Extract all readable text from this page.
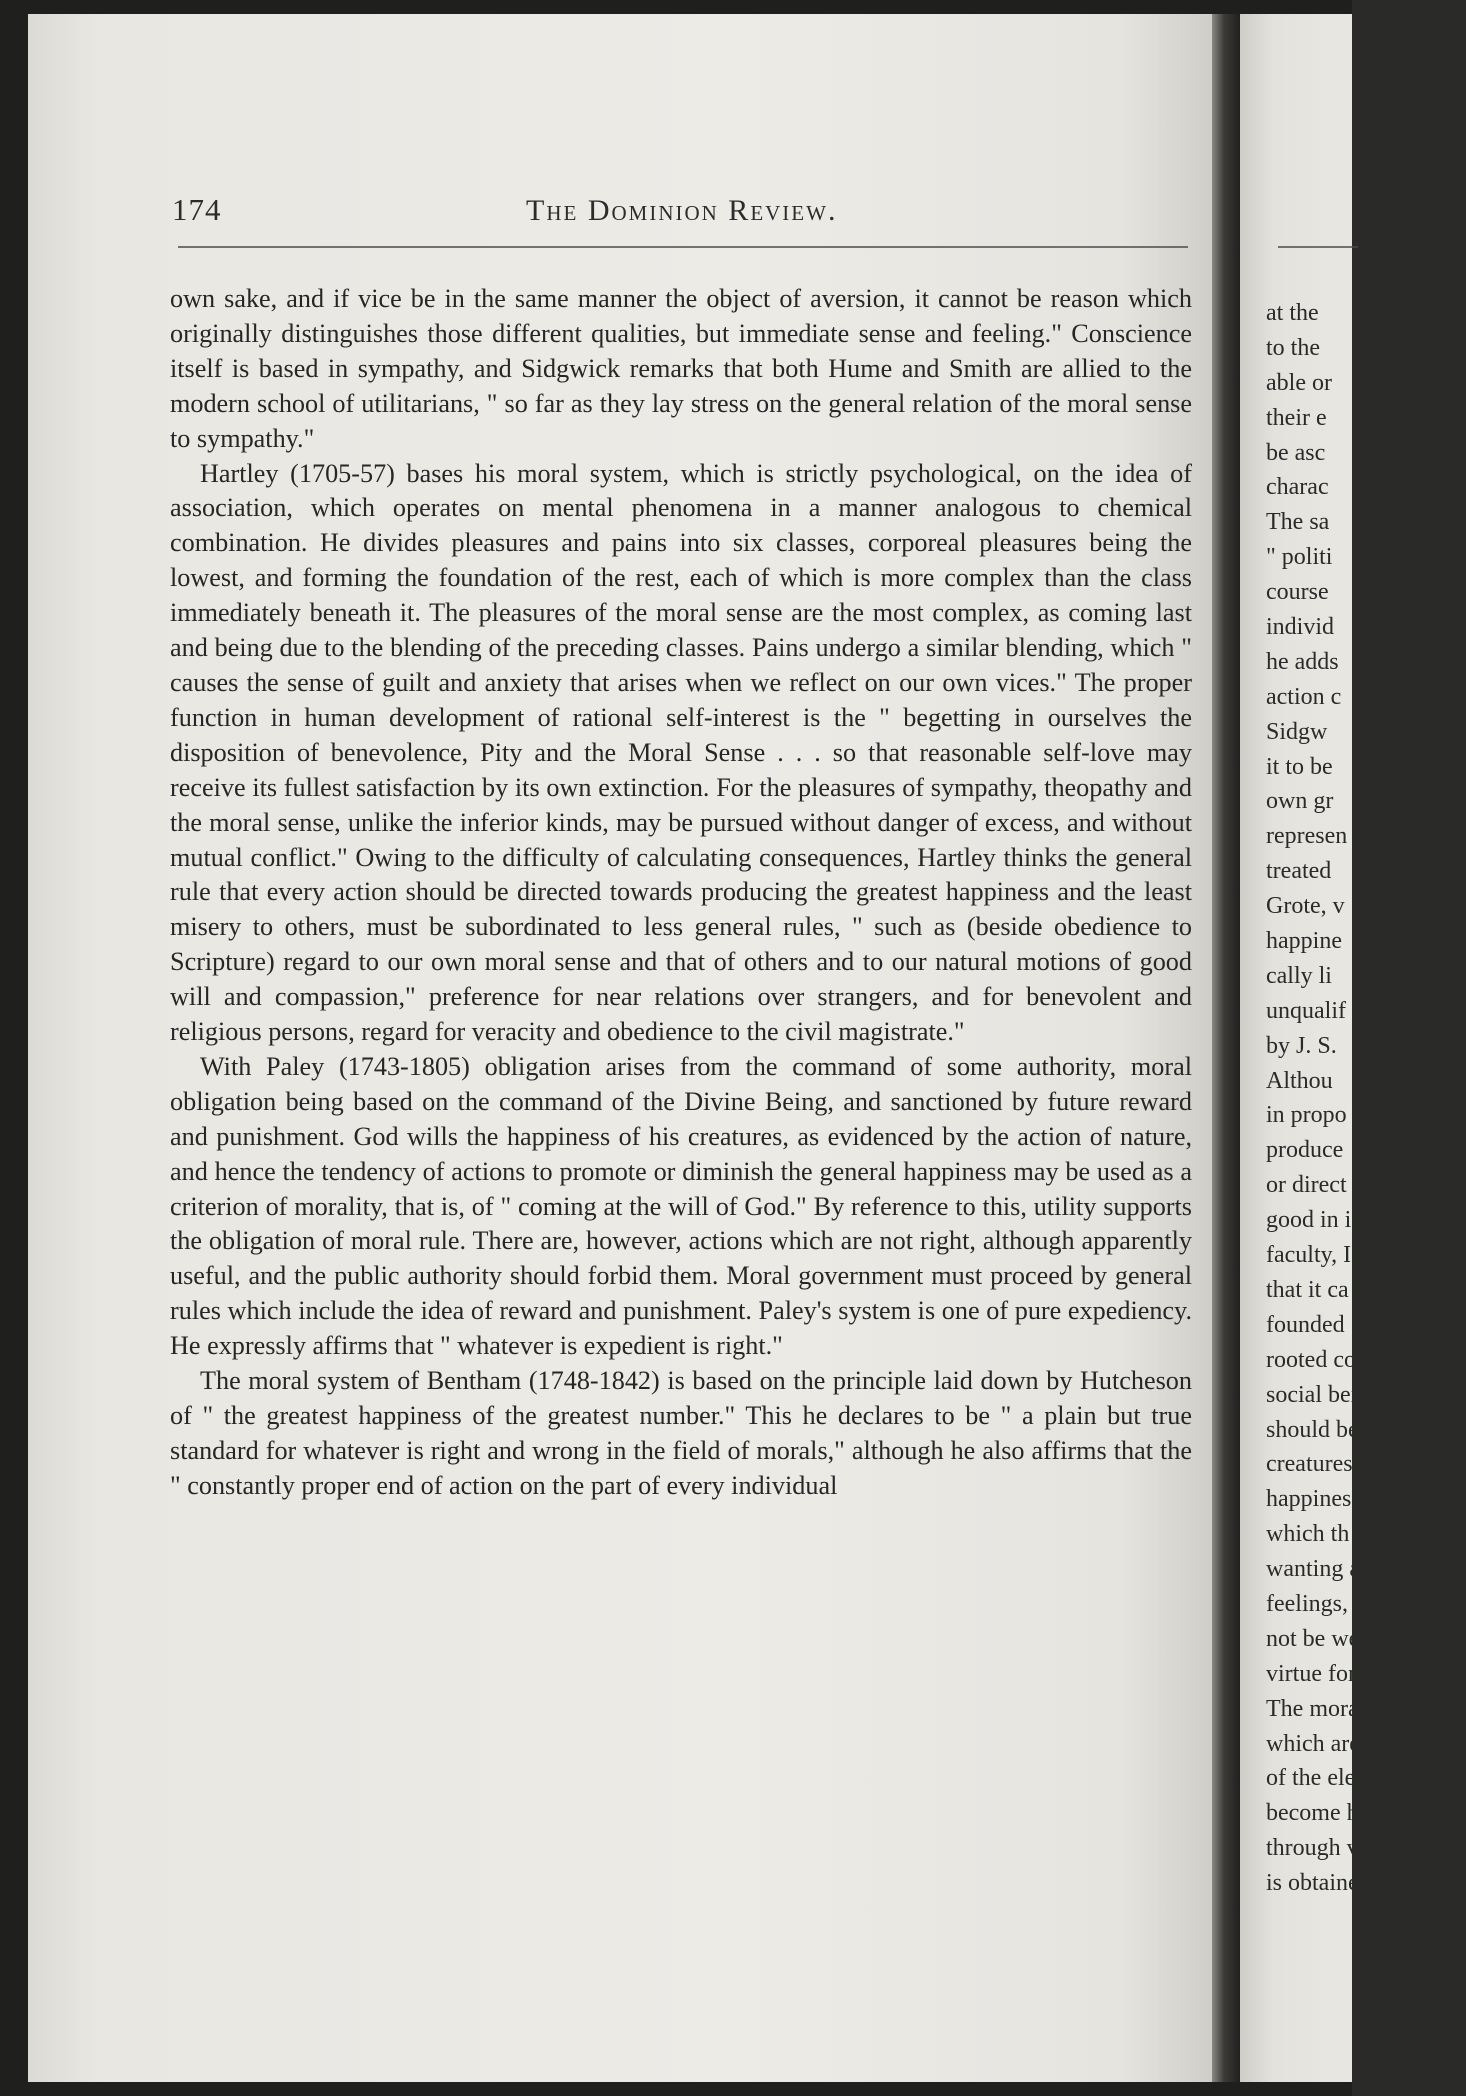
at the
to the
able or
their e
be asc
charac
The sa
" politi
course
individ
he adds
action c
Sidgw
it to be
own gr
represen
treated
Grote, v
happine
cally li
unqualif
by J. S.
Althou
in propo
produce
or direct
good in i
faculty, I
that it ca
founded
rooted co
social bei
should be
creatures
happiness
which th
wanting a
feelings, I
not be we
virtue for
The moral
which are
of the ele
become ha
through v
is obtained
174	The Dominion Review.

own sake, and if vice be in the same manner the object of aversion, it cannot be reason which originally distinguishes those different qualities, but immediate sense and feeling." Conscience itself is based in sympathy, and Sidgwick remarks that both Hume and Smith are allied to the modern school of utilitarians, " so far as they lay stress on the general relation of the moral sense to sympathy."

Hartley (1705-57) bases his moral system, which is strictly psychological, on the idea of association, which operates on mental phenomena in a manner analogous to chemical combination. He divides pleasures and pains into six classes, corporeal pleasures being the lowest, and forming the foundation of the rest, each of which is more complex than the class immediately beneath it. The pleasures of the moral sense are the most complex, as coming last and being due to the blending of the preceding classes. Pains undergo a similar blending, which " causes the sense of guilt and anxiety that arises when we reflect on our own vices." The proper function in human development of rational self-interest is the " begetting in ourselves the disposition of benevolence, Pity and the Moral Sense . . . so that reasonable self-love may receive its fullest satisfaction by its own extinction. For the pleasures of sympathy, theopathy and the moral sense, unlike the inferior kinds, may be pursued without danger of excess, and without mutual conflict." Owing to the difficulty of calculating consequences, Hartley thinks the general rule that every action should be directed towards producing the greatest happiness and the least misery to others, must be subordinated to less general rules, " such as (beside obedience to Scripture) regard to our own moral sense and that of others and to our natural motions of good will and compassion," preference for near relations over strangers, and for benevolent and religious persons, regard for veracity and obedience to the civil magistrate."

With Paley (1743-1805) obligation arises from the command of some authority, moral obligation being based on the command of the Divine Being, and sanctioned by future reward and punishment. God wills the happiness of his creatures, as evidenced by the action of nature, and hence the tendency of actions to promote or diminish the general happiness may be used as a criterion of morality, that is, of " coming at the will of God." By reference to this, utility supports the obligation of moral rule. There are, however, actions which are not right, although apparently useful, and the public authority should forbid them. Moral government must proceed by general rules which include the idea of reward and punishment. Paley's system is one of pure expediency. He expressly affirms that " whatever is expedient is right."

The moral system of Bentham (1748-1842) is based on the principle laid down by Hutcheson of " the greatest happiness of the greatest number." This he declares to be " a plain but true standard for whatever is right and wrong in the field of morals," although he also affirms that the " constantly proper end of action on the part of every individual
